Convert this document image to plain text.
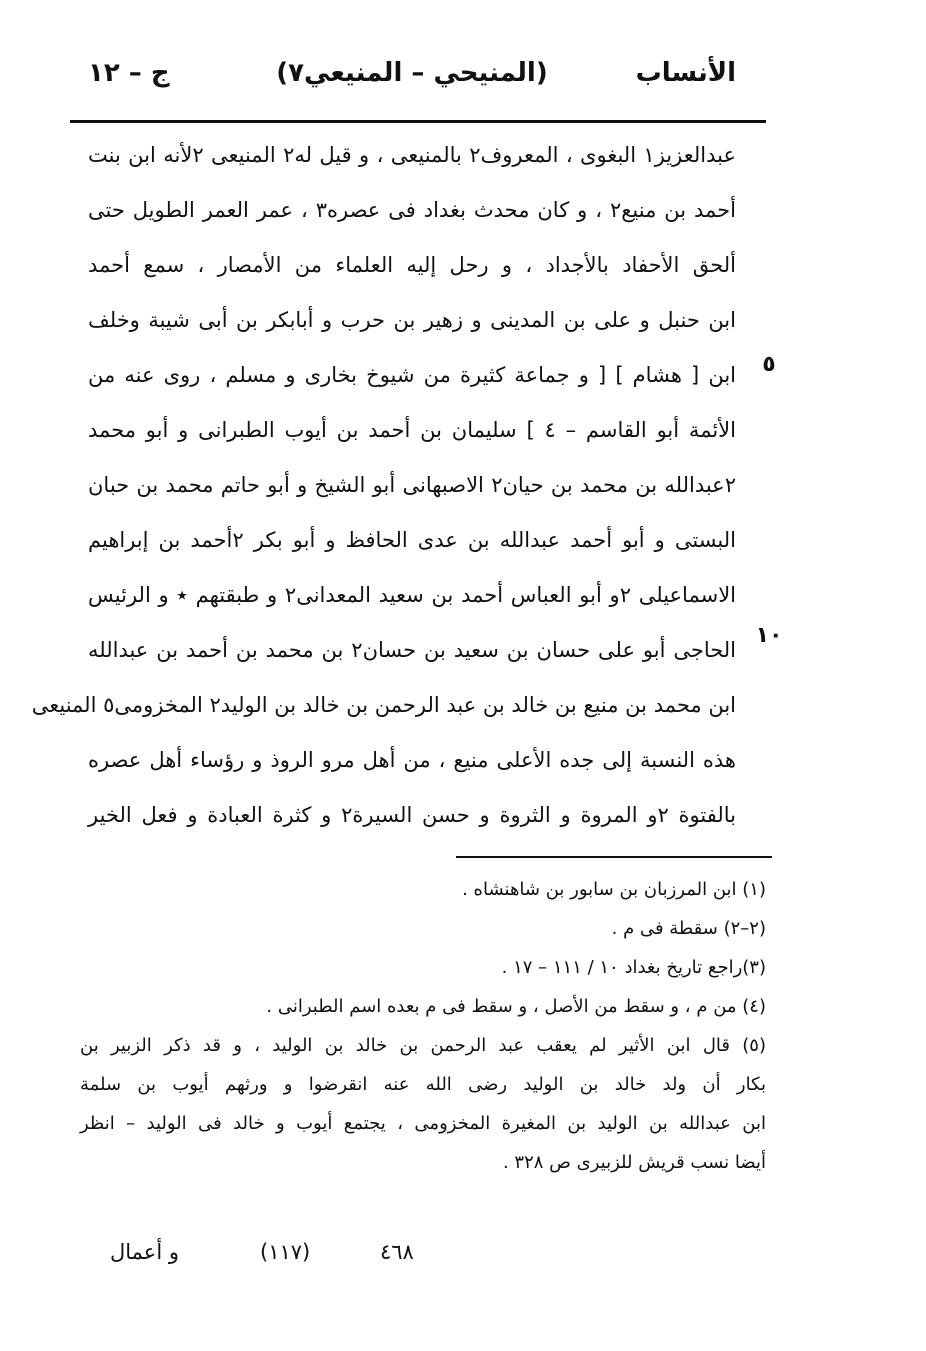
الأنساب
(المنيحي – المنيعي٧)
ج – ١٢
عبدالعزيز١ البغوى ، المعروف٢ بالمنيعى ، و قيل له٢ المنيعى ٢لأنه ابن بنت
أحمد بن منيع٢ ، و كان محدث بغداد فى عصره٣ ، عمر العمر الطويل حتى
ألحق الأحفاد بالأجداد ، و رحل إليه العلماء من الأمصار ، سمع أحمد
ابن حنبل و على بن المدينى و زهير بن حرب و أبابكر بن أبى شيبة وخلف
ابن [ هشام ] [ و جماعة كثيرة من شيوخ بخارى و مسلم ، روى عنه من
الأئمة أبو القاسم – ٤ ] سليمان بن أحمد بن أيوب الطبرانى و أبو محمد
٢عبدالله بن محمد بن حيان٢ الاصبهانى أبو الشيخ و أبو حاتم محمد بن حبان
البستى و أبو أحمد عبدالله بن عدى الحافظ و أبو بكر ٢أحمد بن إبراهيم
الاسماعيلى ٢و أبو العباس أحمد بن سعيد المعدانى٢ و طبقتهم ٭ و الرئيس
الحاجى أبو على حسان بن سعيد بن حسان٢ بن محمد بن أحمد بن عبدالله
ابن محمد بن منيع بن خالد بن عبد الرحمن بن خالد بن الوليد٢ المخزومى٥ المنيعى
هذه النسبة إلى جده الأعلى منيع ، من أهل مرو الروذ و رؤساء أهل عصره
بالفتوة ٢و المروة و الثروة و حسن السيرة٢ و كثرة العبادة و فعل الخير
٥
١٠
(١) ابن المرزبان بن سابور بن شاهنشاه .
(٢–٢) سقطة فى م .
(٣)راجع تاريخ بغداد ١٠ / ١١١ – ١٧ .
(٤) من م ، و سقط من الأصل ، و سقط فى م بعده اسم الطبرانى .
(٥) قال ابن الأثير لم يعقب عبد الرحمن بن خالد بن الوليد ، و قد ذكر الزبير بن
بكار أن ولد خالد بن الوليد رضى الله عنه انقرضوا و ورثهم أيوب بن سلمة
ابن عبدالله بن الوليد بن المغيرة المخزومى ، يجتمع أيوب و خالد فى الوليد – انظر
أيضا نسب قريش للزبيرى ص ٣٢٨ .
و أعمال	(١١٧)	٤٦٨
